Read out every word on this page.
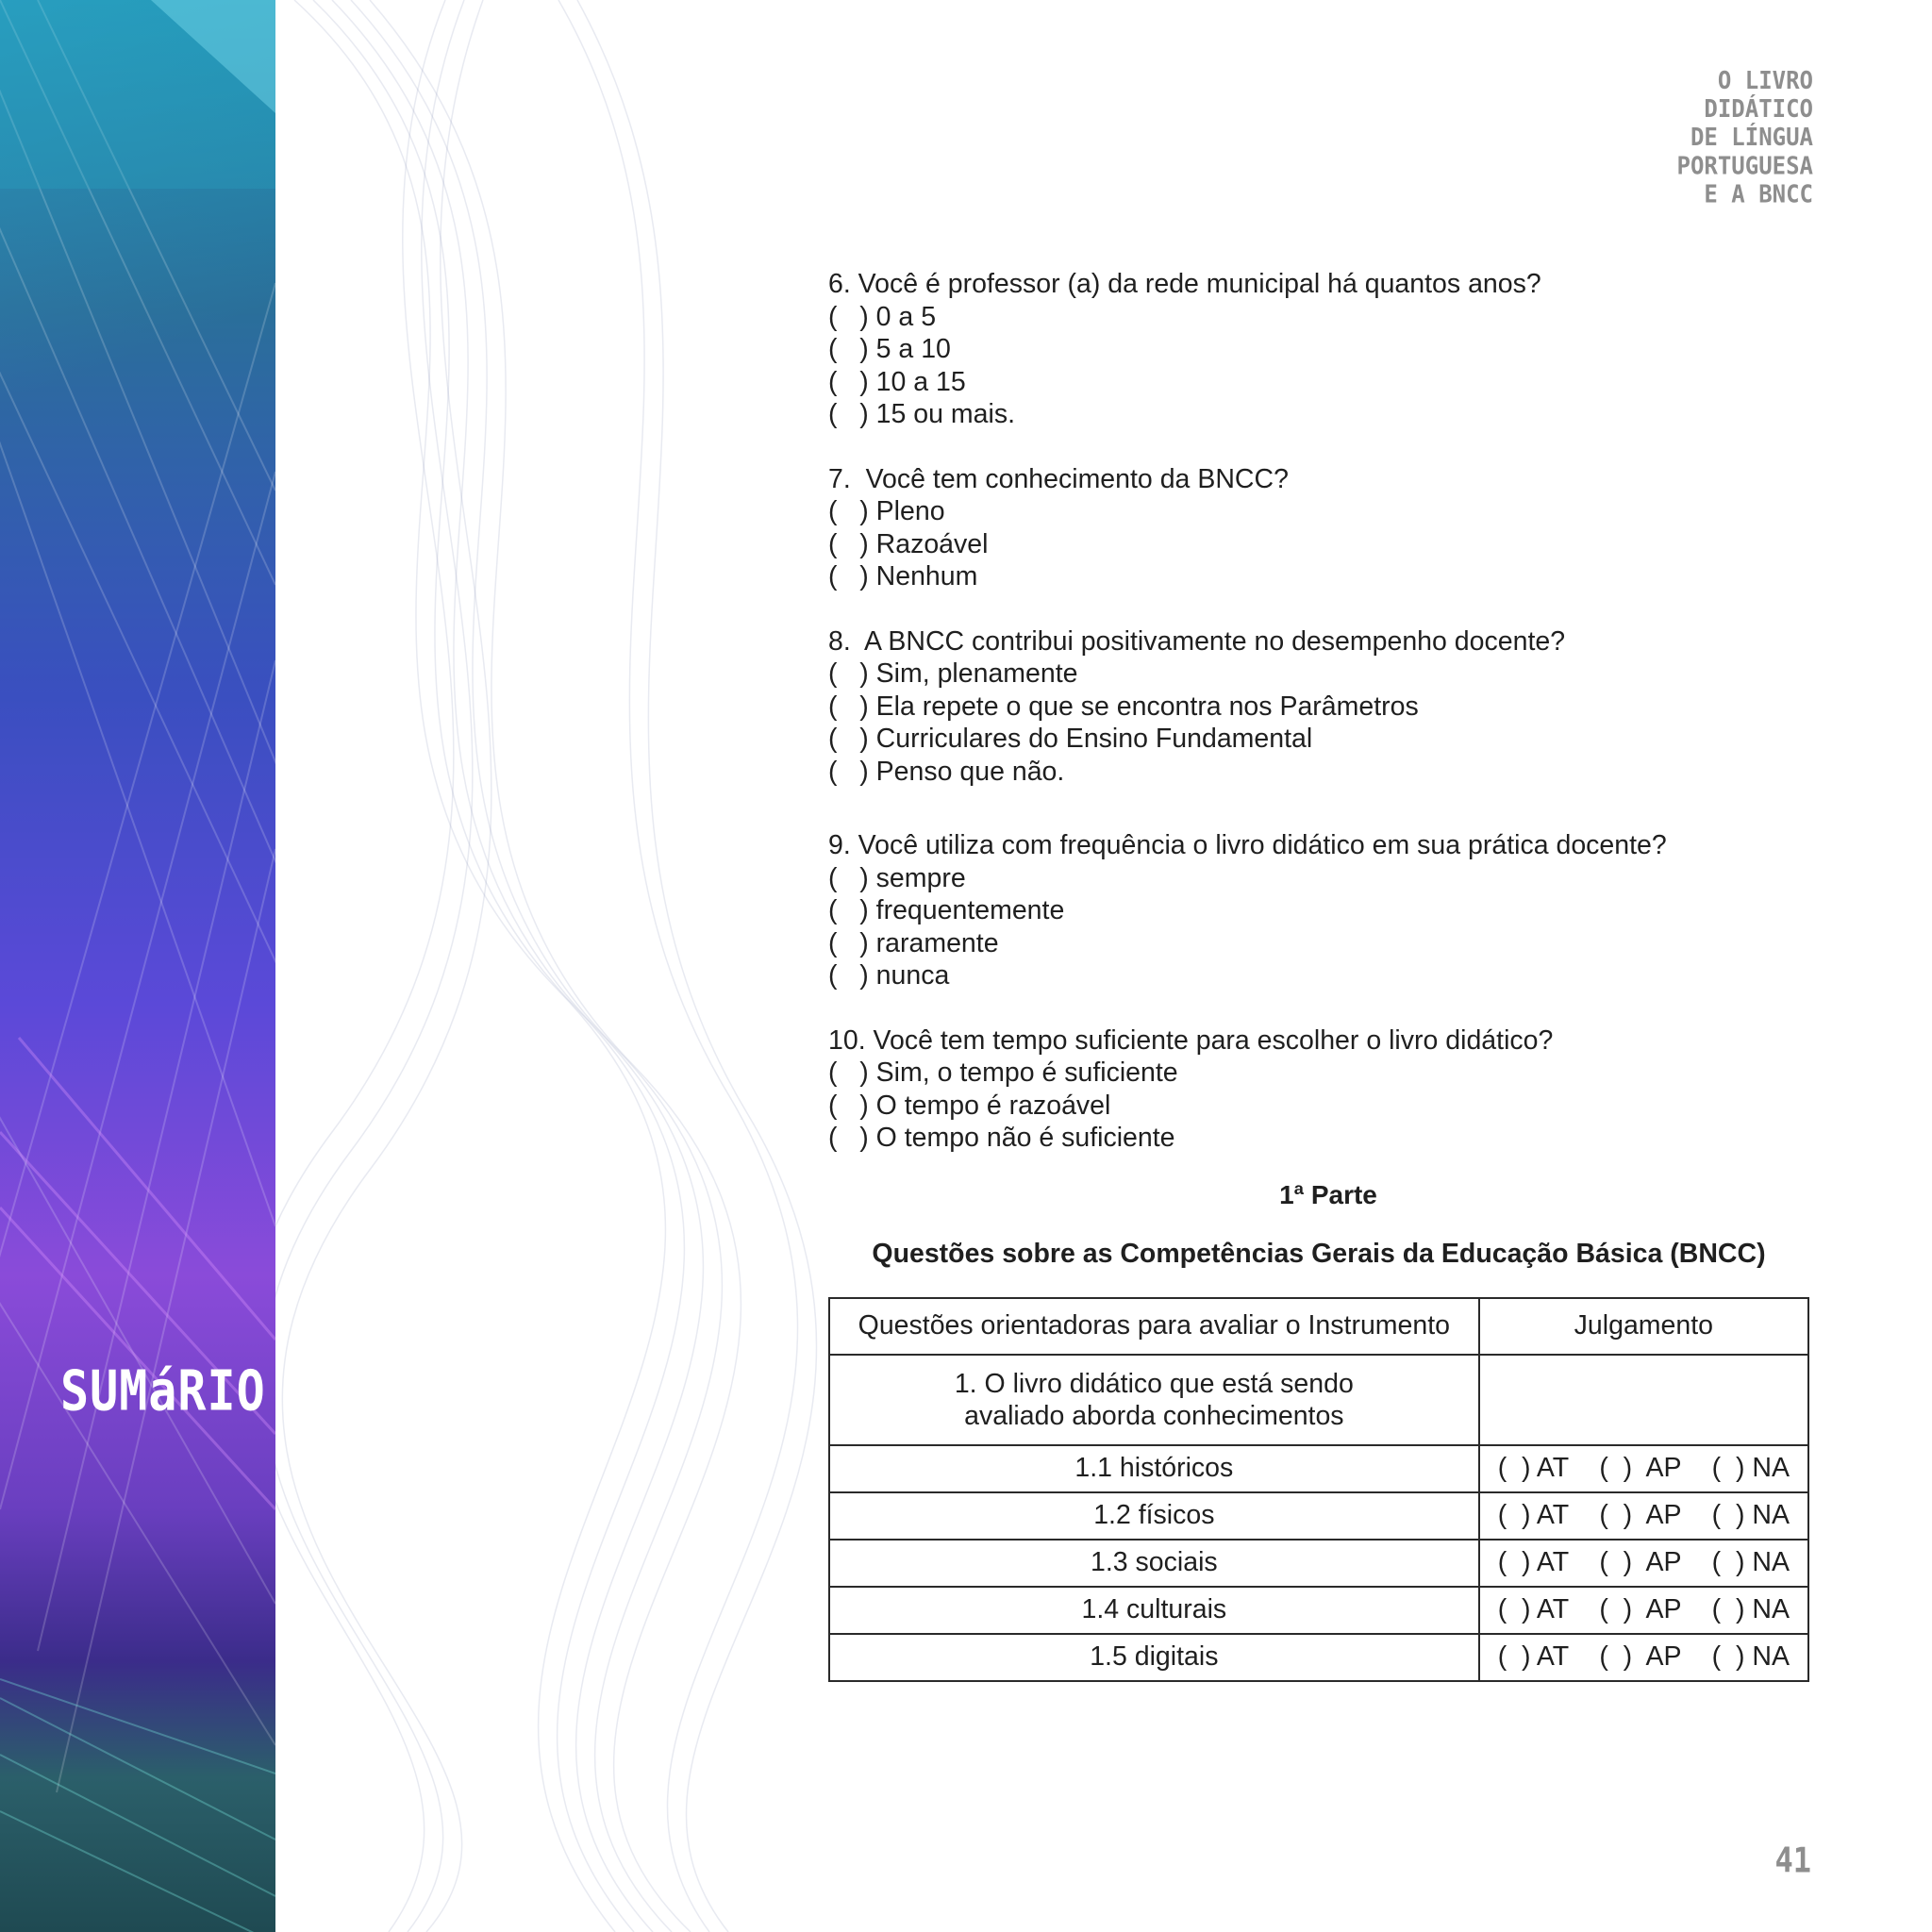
SUMáRIO
O LIVRO
DIDÁTICO
DE LÍNGUA
PORTUGUESA
E A BNCC
6. Você é professor (a) da rede municipal há quantos anos?
(   ) 0 a 5
(   ) 5 a 10
(   ) 10 a 15
(   ) 15 ou mais.
7.  Você tem conhecimento da BNCC?
(   ) Pleno
(   ) Razoável
(   ) Nenhum
8.  A BNCC contribui positivamente no desempenho docente?
(   ) Sim, plenamente
(   ) Ela repete o que se encontra nos Parâmetros
(   ) Curriculares do Ensino Fundamental
(   ) Penso que não.
9. Você utiliza com frequência o livro didático em sua prática docente?
(   ) sempre
(   ) frequentemente
(   ) raramente
(   ) nunca
10. Você tem tempo suficiente para escolher o livro didático?
(   ) Sim, o tempo é suficiente
(   ) O tempo é razoável
(   ) O tempo não é suficiente
1ª Parte
Questões sobre as Competências Gerais da Educação Básica (BNCC)
Questões orientadoras para avaliar o Instrumento	Julgamento

1. O livro didático que está sendo
avaliado aborda conhecimentos	

1.1 históricos	(  ) AT (  )  AP (  ) NA

1.2 físicos	(  ) AT (  )  AP (  ) NA

1.3 sociais	(  ) AT (  )  AP (  ) NA

1.4 culturais	(  ) AT (  )  AP (  ) NA

1.5 digitais	(  ) AT (  )  AP (  ) NA
41
